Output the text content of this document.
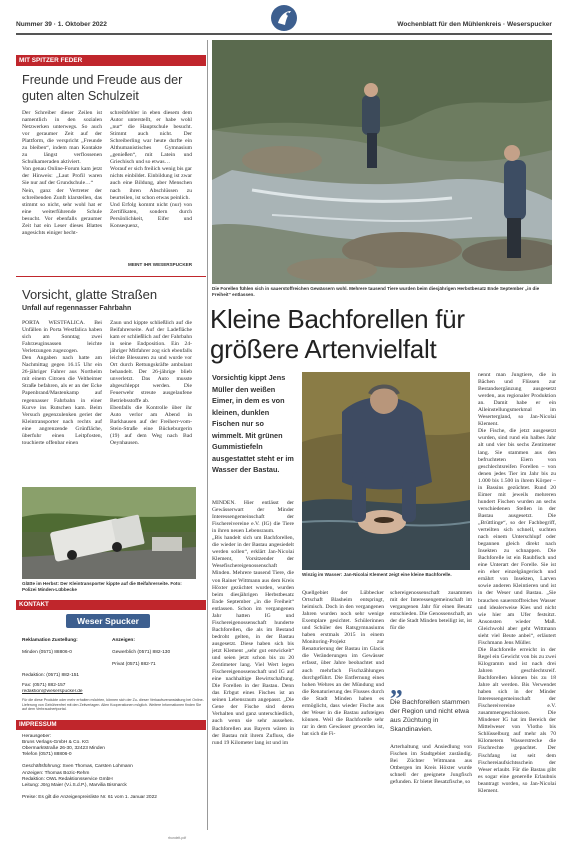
Nummer 39 · 1. Oktober 2022	Wochenblatt für den Mühlenkreis · Weserspucker
MIT SPITZER FEDER
Freunde und Freude aus der guten alten Schulzeit
Der Schreiber dieser Zeilen ist namentlich in den sozialen Netzwerken unterwegs. So auch vor geraumer Zeit auf der Plattform, die verspricht „Freunde zu bleiben“, indem man Kontakte zu längst verflossenen Schulkameraden aktiviert.
Von genau Online-Forum kam jetzt der Hinweis: „Laut Profil waren Sie nur auf der Grundschule…“
Nein, ganz der Vertreter der schreibenden Zunft klarstellen, das stimmt so nicht, sehr wohl hat er eine weiterführende Schule besucht. Vor ebenfalls geraumer Zeit hat ein Leser dieses Blattes angesichts einiger hecht-
schreibfehler in eben diesem dem Autor unterstellt, er habe wohl „nur“ die Hauptschule besucht. Stimmt auch nicht. Der Schreiberling war heute durfte ein Althumanistisches Gymnasium „genießen“, mit Latein und Griechisch und so etwas…
Worauf er sich freilich wenig bis gar nichts einbildet. Einbildung ist zwar auch eine Bildung, aber Menschen nach ihren Abschlüssen zu beurteilen, ist schon etwas peinlich.
Und Erfolg kommt nicht (nur) von Zertifikaten, sondern durch Persönlichkeit, Eifer und Konsequenz,
MEINT IHR WESERSPUCKER
Die Forellen fühlen sich in sauerstoffreichen Gewässern wohl. Mehrere tausend Tiere wurden beim diesjährigen Herbstbesatz Ende September „in die Freiheit“ entlassen.
Kleine Bachforellen für größere Artenvielfalt
Vorsicht, glatte Straßen
Unfall auf regennasser Fahrbahn
PORTA WESTFALICA. Bei Unfällen in Porta Westfalica haben sich am Sonntag zwei Fahrzeuginsassen leichte Verletzungen zugezogen.
Den Angaben nach hatte am Nachmittag gegen 16.15 Uhr ein 26-jähriger Fahrer aus Northeim mit einem Citroen die Veltheimer Straße befahren, als er an der Ecke Papenbrand/Mastenkamp auf regennasser Fahrbahn in einer Kurve ins Rutschen kam. Beim Versuch gegenzulenken geriet der Kleintransporter nach rechts auf eine angrenzende Grünfläche, überfuhr einen Leitpfosten, touchierte offenbar einen
Zaun und kippte schließlich auf die Beifahrerseite. Auf der Ladefläche kam er schließlich auf der Fahrbahn in seine Endposition. Ein 24-jähriger Mitfahrer zog sich ebenfalls leichte Blessuren zu und wurde vor Ort durch Rettungskräfte ambulant behandelt. Der 26-jährige blieb unverletzt. Das Auto musste abgeschleppt werden. Die Feuerwehr streute ausgelaufene Betriebsstoffe ab.
Ebenfalls die Kontrolle über ihr Auto verlor am Abend in Barkhausen auf der Freiherr-vom-Stein-Straße eine Bückeburgerin (19) auf dem Weg nach Bad Oeynhausen.
Glätte im Herbst: Der Kleintransporter kippte auf die Beifahrerseite. Foto: Polizei Minden-Lübbecke
KONTAKT
Weser Spucker

Reklamation Zustellung:

Minden (0571) 88806-0

Redaktion: (0571) 882-151

Anzeigen:

Gewerblich (0571) 882-130

Privat (0571) 882-71

Fax: (0571) 882-157
redaktion@weserspucker.de
Für die diese Produkte oder mehr erhalten möchten, können sich der Zu- dieser Verkaufsveranstaltung bei Online-Lieferung von Gebührenfrei mit den Zeitverlagen. Allen Kooperationen möglich. Weitere Informationen finden Sie auf dem Verbrauchertportal.
IMPRESSUM
Herausgeber:
Bruns Verlags-GmbH & Co. KG
Obermarktstraße 26-30, 32423 Minden
Telefon (0571) 88806-0

Geschäftsführung: Sven Thomas, Carsten Lohmann
Anzeigen: Thomas Bozic-Rehm
Redaktion: OWL Redaktionsservice GmbH
Leitung: Jörg Maier (V.i.S.d.P.), Marvilia Bismarck

Preise: Es gilt die Anzeigenpreisliste Nr. 61 vom 1. Januar 2022
Vorsichtig kippt Jens Müller den weißen Eimer, in dem es von kleinen, dunklen Fischen nur so wimmelt. Mit grünen Gummistiefeln ausgestattet steht er im Wasser der Bastau.
Winzig im Wasser: Jan-Nicolai Klement zeigt eine kleine Bachforelle.
MINDEN. Hier entlässt der Gewässerwart der Minder Interessengemeinschaft der Fischereivereine e.V. (IG) die Tiere in ihren neuen Lebensraum.
„Bis handelt sich um Bachforellen, die wieder in der Bastau angesiedelt werden sollen“, erklärt Jan-Nicolai Klement, Vorsitzender der Wesefischereigenossenschaft Minden. Mehrere tausend Tiere, die von Rainer Wittmann aus dem Kreis Höxter gezüchtet wurden, wurden beim diesjährigen Herbstbesatz Ende September „in die Freiheit“ entlassen. Schon im vergangenen Jahr hatten IG und Fischereigenossenschaft hunderte Bachforellen, die als im Bestand bedroht gelten, in der Bastau ausgesetzt. Diese haben sich bis jetzt Klement „sehr gut entwickelt“ und seien jetzt schon bis zu 20 Zentimeter lang. Viel Wert legen Fischereigenossenschaft und IG auf eine nachhaltige Bewirtschaftung. Die Forellen in der Bastau. Denn das Erbgut eines Fisches ist an seinen Lebensraum angepasst. „Die Gene der Fische sind deren Verhalten und ganz unterschiedlich, auch wenn sie sehr aussehen. Bachforellen aus Bayern wären in der Bastau mit ihrem Zufluss, die rund 19 Kilometer lang ist und im
Quellgebiet der Lübbecker Ortschaft Blasheim entspringt, heimisch. Doch in den vergangenen Jahren wurden noch sehr wenige Exemplare gesichtet. Schülerinnen und Schüler des Ratsgymnasiums haben erstmals 2015 in einem Monitoring-Projekt zur Renaturierung der Bastau im Glacis die Veränderungen im Gewässer erfasst, über Jahre beobachtet und auch mehrfach Fischzählungen durchgeführt. Die Entfernung eines hohen Wehres an der Mündung und die Renaturierung des Flusses durch die Stadt Minden haben es ermöglicht, dass wieder Fische aus der Weser in die Bastau aufsteigen können. Weil die Bachforelle sehr rar in dem Gewässer geworden ist, hat sich die Fi-
schereigenossenschaft zusammen mit der Interessengemeinschaft im vergangenen Jahr für einen Besatz entschieden. Die Genossenschaft, an der die Stadt Minden beteiligt ist, ist für die
„
Die Bachforellen stammen der Region und nicht etwa aus Züchtung in Skandinavien.
Arterhaltung und Ansiedlung von Fischen im Stadtgebiet zuständig. Bei Züchter Wittmann aus Ottbergen im Kreis Höxter wurde schnell der geeignete Jungfisch gefunden. Er bietet Besatzfische, so
nennt man Jungtiere, die in Bächen und Flüssen zur Bestandsergänzung ausgesetzt werden, aus regionaler Produktion an. Damit habe er ein Alleinstellungsmerkmal im Wesertergland, so Jan-Nicolai Klement.
Die Fische, die jetzt ausgesetzt wurden, sind rund ein halbes Jahr alt und vier bis sechs Zentimeter lang. Sie stammen aus den befruchteten Eiern von geschlechtsreifen Forellen – von denen jedes Tier im Jahr bis zu 1.000 bis 1.500 in ihrem Körper – in Bassins gezüchtet. Rund 20 Eimer mit jeweils mehreren hundert Fischen wurden an sechs verschiedenen Stellen in der Bastau ausgesetzt. Die „Brüttlinge“, so der Fachbegriff, verteilten sich schnell, suchten nach einem Unterschlupf oder begannen gleich direkt nach Insekten zu schnappen. Die Bachforelle ist ein Raubfisch und eine Unterart der Forelle. Sie ist ein eher einzelgängerisch und ernährt von Insekten, Larven sowie anderen Kleintieren und ist in der Weser und Bastau. „Sie brauchen sauerstoffreiches Wasser und idealerweise Kies und nicht wie hier am Ufer festsitzt. Ansonsten wieder Maß. Gleichwohl aber geht Wittmann sieht viel Beute anbei“, erläutert Fischmann Jens Müller.
Die Bachforelle erreicht in der Regel ein Gewicht von bis zu zwei Kilogramm und ist nach drei Jahren geschlechtsreif. Bachforellen können bis zu 18 Jahre alt werden. Bis Verwendet haben sich in der Minder Interessengemeinschaft der Fischereivereine e.V. zusammengeschlossen. Die Mindener IG hat im Bereich der Mittelweser von Vlotho bis Schlüsselburg auf mehr als 70 Kilometern Wasserstrecke die Fischrechte gepachtet. Der Fischfang ist seit dem Fischereiaufsichtsschein der Weser erlaubt. Für die Bastau gibt es sogar eine generelle Erlaubnis beantragt worden, so Jan-Nicolai Klement.
rbundelt-pdf
